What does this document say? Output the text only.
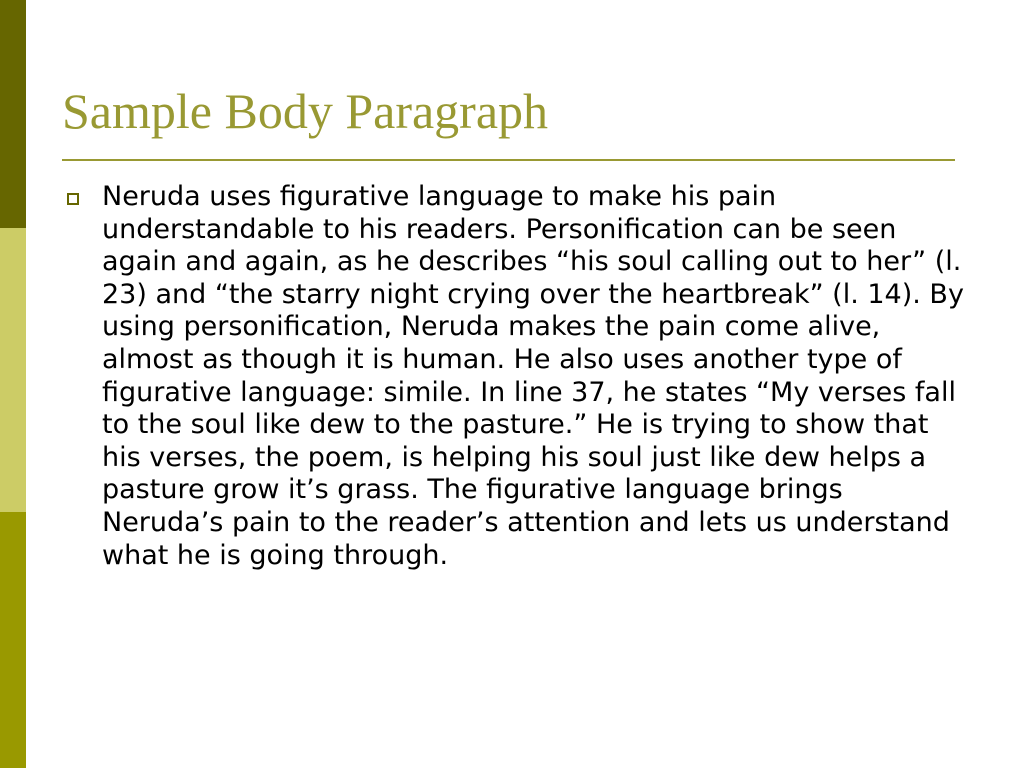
Sample Body Paragraph

Neruda uses figurative language to make his pain understandable to his readers. Personification can be seen again and again, as he describes “his soul calling out to her” (l. 23) and “the starry night crying over the heartbreak” (l. 14). By using personification, Neruda makes the pain come alive, almost as though it is human. He also uses another type of figurative language: simile. In line 37, he states “My verses fall to the soul like dew to the pasture.” He is trying to show that his verses, the poem, is helping his soul just like dew helps a pasture grow it’s grass. The figurative language brings Neruda’s pain to the reader’s attention and lets us understand what he is going through.
